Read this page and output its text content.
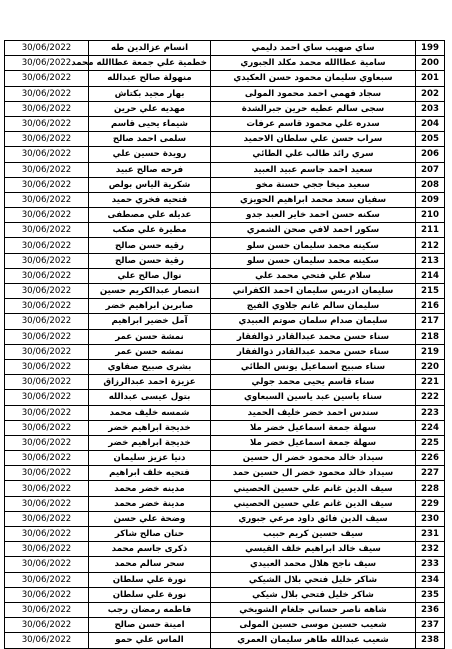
30/06/2022	انسام عزالدين طه	ساي صهيب ساي احمد دليمي	199
30/06/2022	خطمية علي جمعة عطاالله محمد	سامية عطاالله محمد مكلد الجبوري	200
30/06/2022	منهولة صالح عبدالله	سبعاوي سليمان محمود حسن العكيدي	201
30/06/2022	بهار مجيد بكتاش	سجاد فهمي احمد محمود المولى	202
30/06/2022	مهديه علي حرين	سجى سالم عطيه حرين جبرالشدة	203
30/06/2022	شيماء يحيى قاسم	سدره علي محمود قاسم عرفات	204
30/06/2022	سلمى احمد صالح	سراب حسن علي سلطان الاحميد	205
30/06/2022	رويدة حسين علي	سري رائد طالب علي الطائي	206
30/06/2022	فرحه صالح عبيد	سعيد احمد جاسم عبيد العبيد	207
30/06/2022	شكرية الياس بولص	سعيد ميخا ججي حسنة مخو	208
30/06/2022	فتحيه فخري حميد	سفيان سعد محمد ابراهيم الحويزي	209
30/06/2022	عديله علي مصطفى	سكنه حسن احمد خاير العبد جدو	210
30/06/2022	مطيرة علي صكب	سكور احمد لافي صحن الشمري	211
30/06/2022	رقيه حسن صالح	سكينه محمد سليمان حسن سلو	212
30/06/2022	رقية حسن صالح	سكينه محمد سليمان حسن سلو	213
30/06/2022	نوال صالح علي	سلام علي فتحي محمد علي	214
30/06/2022	انتصار عبدالكريم حسين	سليمان ادريس سليمان احمد الكفراني	215
30/06/2022	صابرين ابراهيم خضر	سليمان سالم غانم جلاوي الفيج	216
30/06/2022	آمل خضير ابراهيم	سليمان صدام سلمان صوتم العبيدي	217
30/06/2022	نمشة حسن عمر	سناء حسن محمد عبدالقادر ذوالفقار	218
30/06/2022	نمشه حسن عمر	سناء حسن محمد عبدالقادر ذوالفقار	219
30/06/2022	بشرى صبيح صفاوي	سناء صبيح اسماعيل يونس الطائي	220
30/06/2022	عزيزة احمد عبدالرزاق	سناء قاسم يحيى محمد جولي	221
30/06/2022	بتول عيسى عبدالله	سناء ياسين عبد ياسين السبعاوي	222
30/06/2022	شمسه خليف محمد	سندس احمد خضر خليف الحميد	223
30/06/2022	خديجة ابراهيم خضر	سهلة جمعة اسماعيل خضر ملا	224
30/06/2022	خديجة ابراهيم خضر	سهلة جمعة اسماعيل خضر ملا	225
30/06/2022	دنيا عزيز سليمان	سيداد خالد محمود خضر ال حسين	226
30/06/2022	فتحيه خلف ابراهيم	سيداد خالد محمود خضر ال حسين حمد	227
30/06/2022	مدينه خضر محمد	سيف الدين غانم علي حسين الحصيني	228
30/06/2022	مدينة خضر محمد	سيف الدين غانم علي حسين الحصيني	229
30/06/2022	وضحة علي حسن	سيف الدين فائق داود مرعي جبوري	230
30/06/2022	حنان صالح شاكر	سيف حسين كريم حبيب	231
30/06/2022	ذكرى جاسم محمد	سيف خالد ابراهيم خلف القيسي	232
30/06/2022	سحر سالم محمد	سيف ناجح هلال محمد العبيدي	233
30/06/2022	نورة علي سلطان	شاكر خليل فتحي بلال الشيكي	234
30/06/2022	نورة علي سلطان	شاكر خليل فتحي بلال شيكي	235
30/06/2022	فاطمه رمضان رجب	شاهه ناصر حساني جلغام الشويخي	236
30/06/2022	امينة حسن صالح	شعيب حسين موسى حسين المولى	237
30/06/2022	الماس علي حمو	شعيب عبدالله طاهر سليمان العمري	238
